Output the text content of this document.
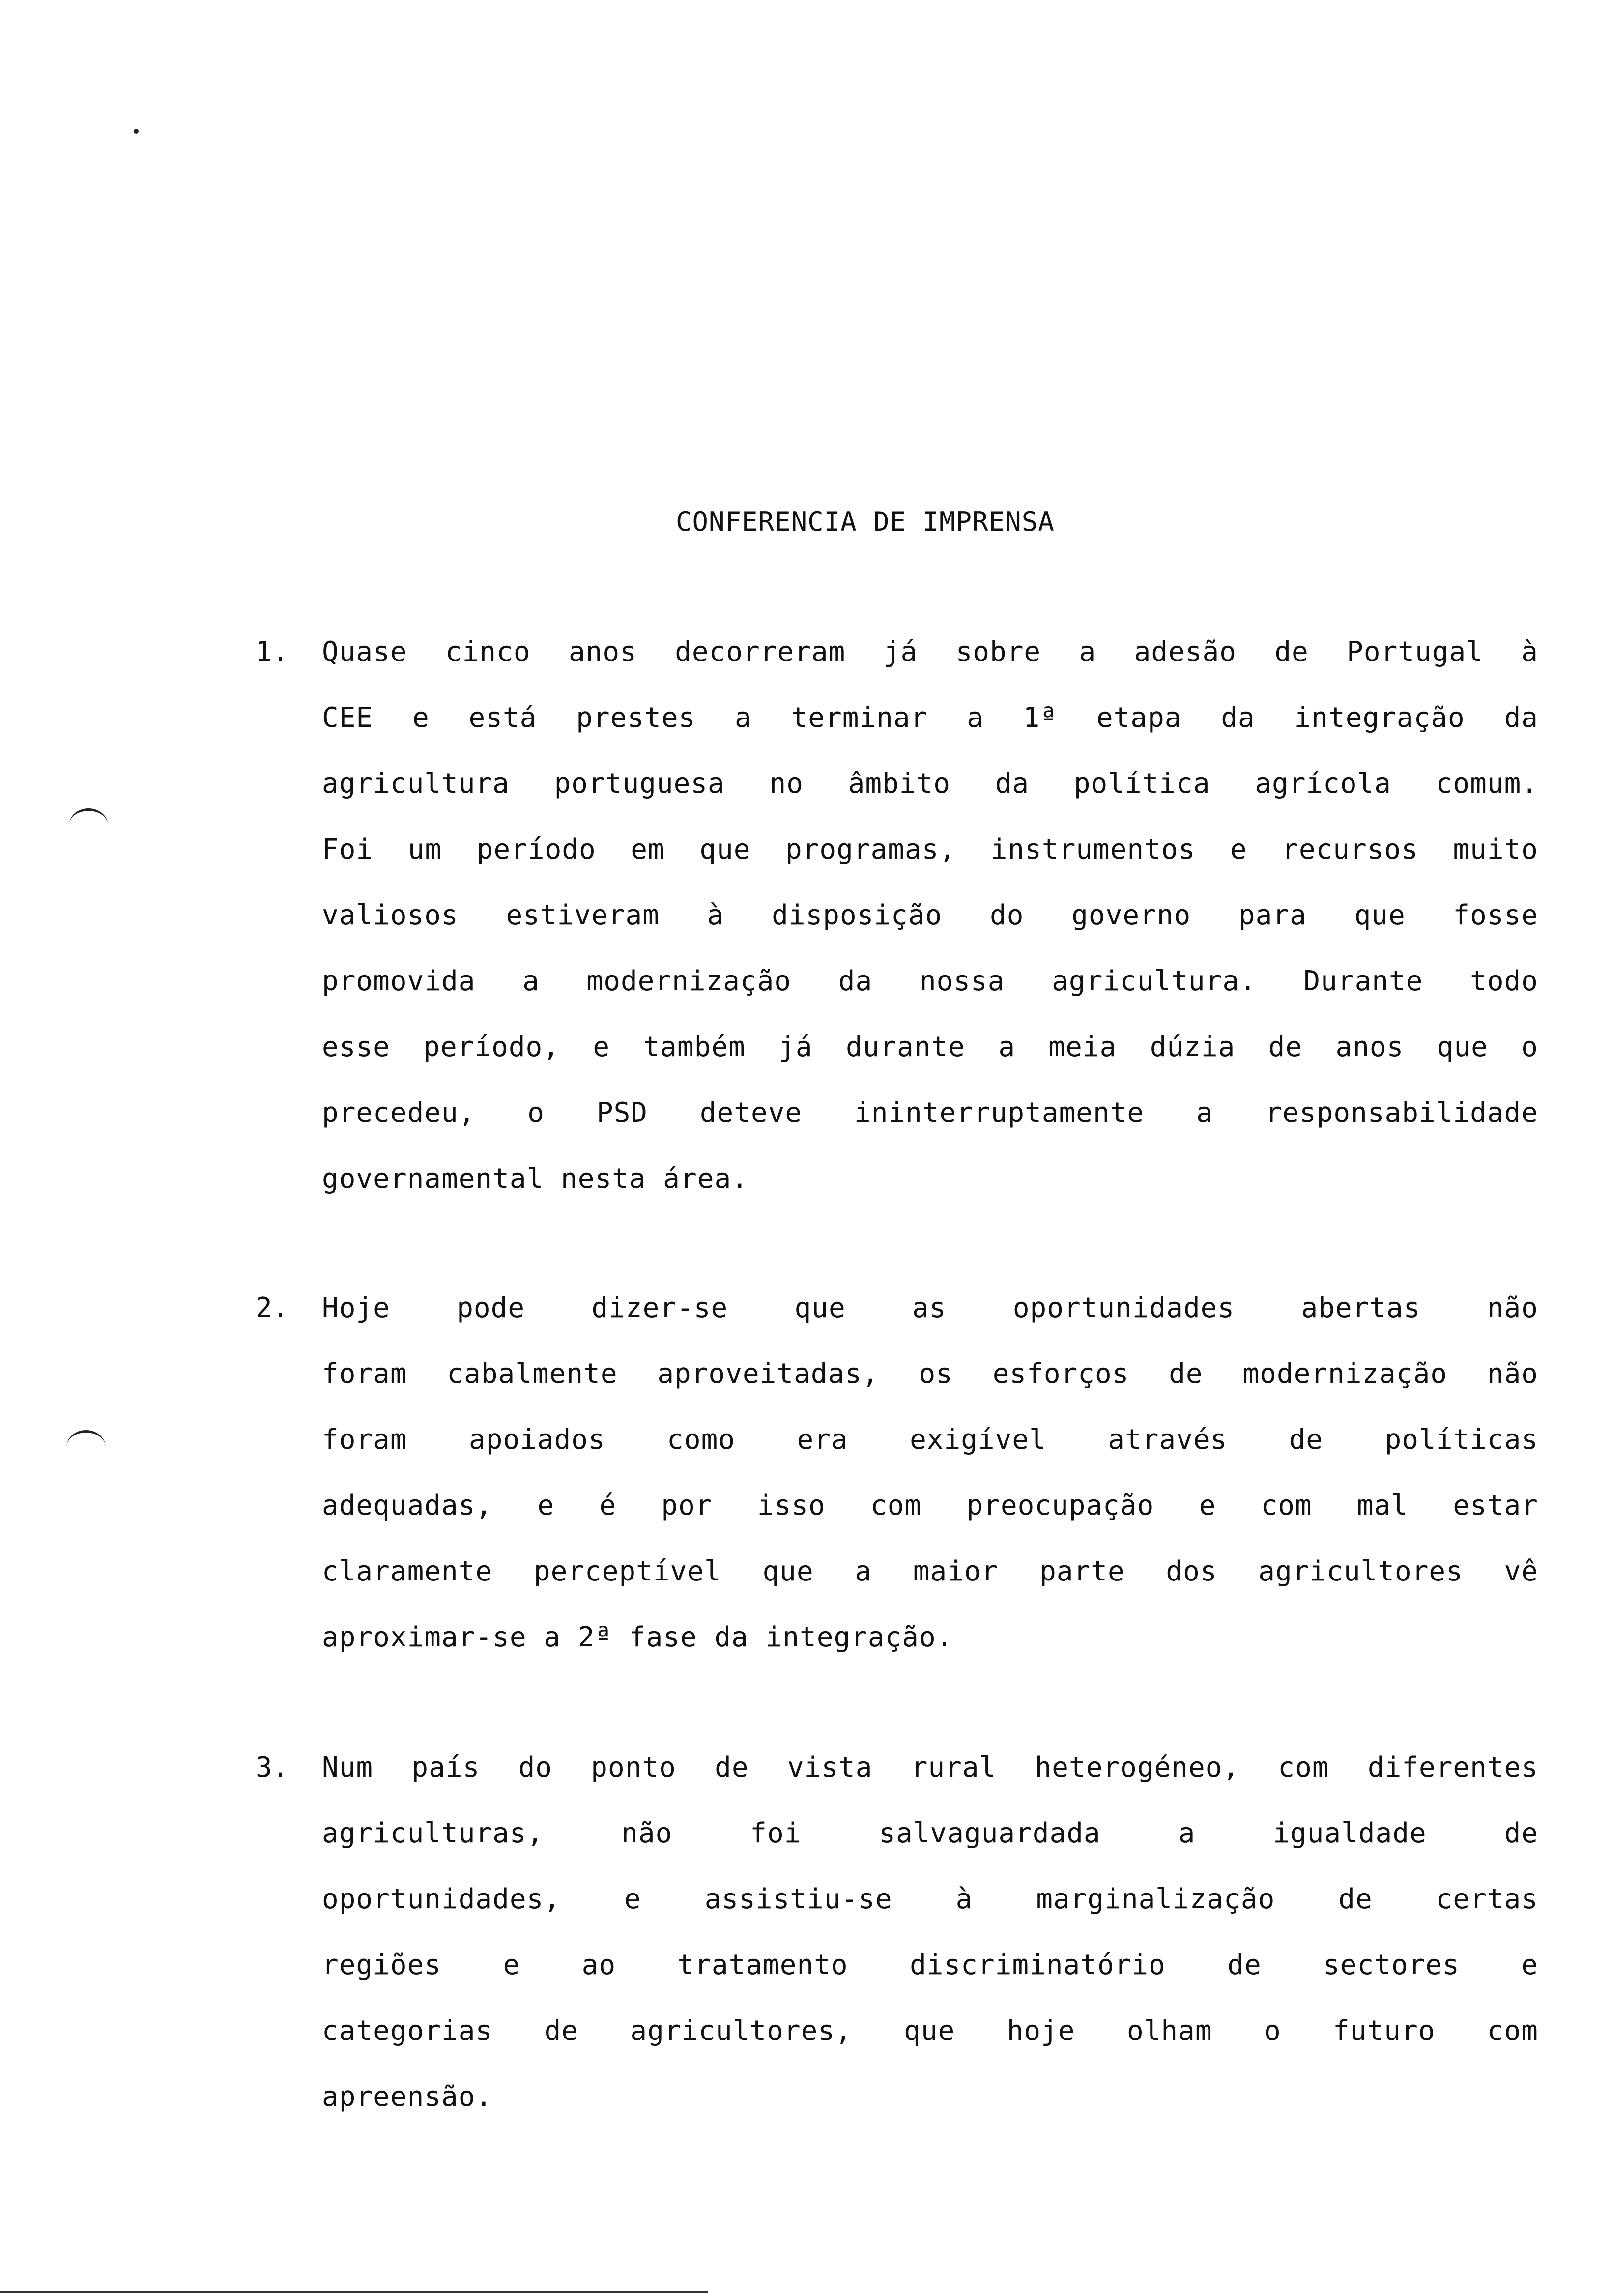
CONFERENCIA DE IMPRENSA
1. Quase cinco anos decorreram já sobre a adesão de Portugal à
CEE e está prestes a terminar a 1ª etapa da integração da
agricultura portuguesa no âmbito da política agrícola comum.
Foi um período em que programas, instrumentos e recursos muito
valiosos estiveram à disposição do governo para que fosse
promovida a modernização da nossa agricultura. Durante todo
esse período, e também já durante a meia dúzia de anos que o
precedeu, o PSD deteve ininterruptamente a responsabilidade
governamental nesta área.
2. Hoje pode dizer-se que as oportunidades abertas não
foram cabalmente aproveitadas, os esforços de modernização não
foram apoiados como era exigível através de políticas
adequadas, e é por isso com preocupação e com mal estar
claramente perceptível que a maior parte dos agricultores vê
aproximar-se a 2ª fase da integração.
3. Num país do ponto de vista rural heterogéneo, com diferentes
agriculturas, não foi salvaguardada a igualdade de
oportunidades, e assistiu-se à marginalização de certas
regiões e ao tratamento discriminatório de sectores e
categorias de agricultores, que hoje olham o futuro com
apreensão.
